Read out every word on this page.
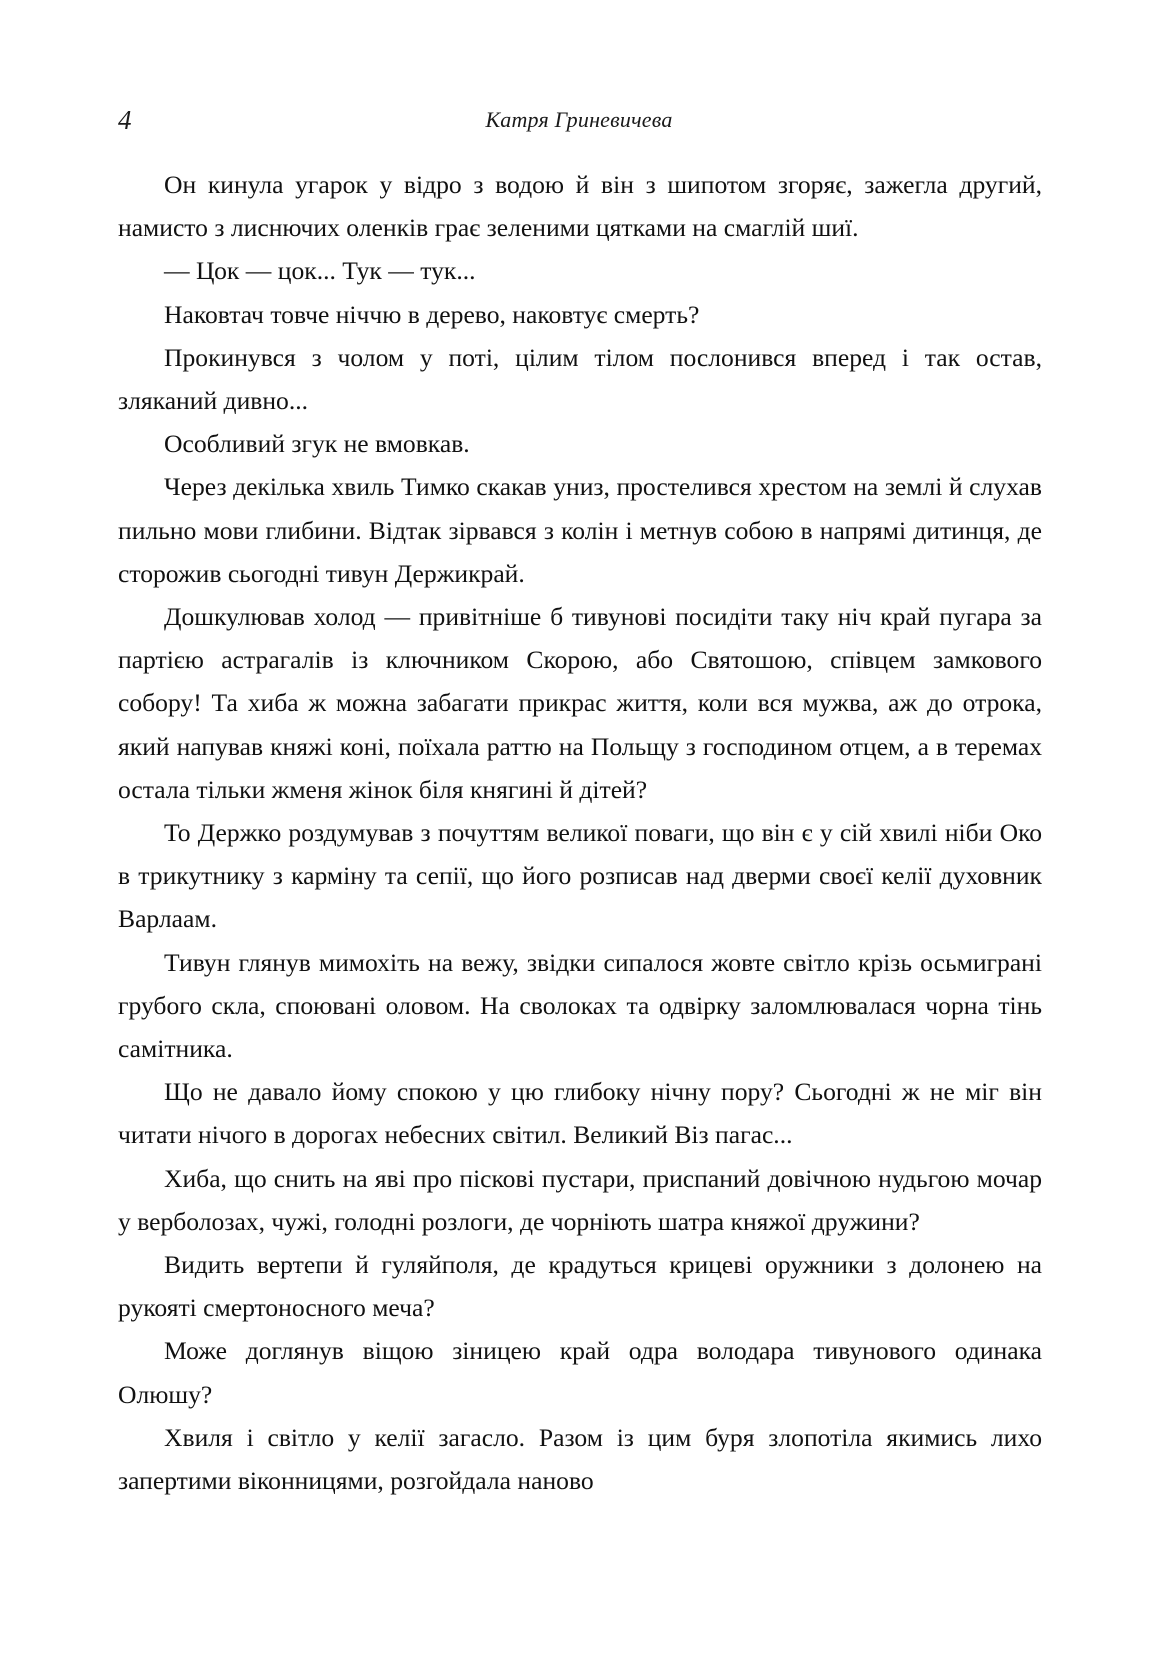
4	Катря Гриневичева

Он кинула угарок у відро з водою й він з шипотом згоряє, зажегла другий, намисто з лиснючих оленків грає зеленими цятками на смаглій шиї.

— Цок — цок... Тук — тук...

Наковтач товче ніччю в дерево, наковтує смерть?

Прокинувся з чолом у поті, цілим тілом послонився вперед і так остав, зляканий дивно...

Особливий згук не вмовкав.

Через декілька хвиль Тимко скакав униз, простелився хрестом на землі й слухав пильно мови глибини. Відтак зірвався з колін і метнув собою в напрямі дитинця, де сторожив сьогодні тивун Держикрай.

Дошкулював холод — привітніше б тивунові посидіти таку ніч край пугара за партією астрагалів із ключником Скорою, або Святошою, співцем замкового собору! Та хиба ж можна забагати прикрас життя, коли вся мужва, аж до отрока, який напував княжі коні, поїхала раттю на Польщу з господином отцем, а в теремах остала тільки жменя жінок біля княгині й дітей?

То Держко роздумував з почуттям великої поваги, що він є у сій хвилі ніби Око в трикутнику з карміну та сепії, що його розписав над дверми своєї келії духовник Варлаам.

Тивун глянув мимохіть на вежу, звідки сипалося жовте світло крізь осьмиграні грубого скла, споювані оловом. На сволоках та одвірку заломлювалася чорна тінь самітника.

Що не давало йому спокою у цю глибоку нічну пору? Сьогодні ж не міг він читати нічого в дорогах небесних світил. Великий Віз пагас...

Хиба, що снить на яві про піскові пустари, приспаний довічною нудьгою мочар у верболозах, чужі, голодні розлоги, де чорніють шатра княжої дружини?

Видить вертепи й гуляйполя, де крадуться крицеві оружники з долонею на рукояті смертоносного меча?

Може доглянув віщою зіницею край одра володара тивунового одинака Олюшу?

Хвиля і світло у келії загасло. Разом із цим буря злопотіла якимись лихо запертими віконницями, розгойдала наново
